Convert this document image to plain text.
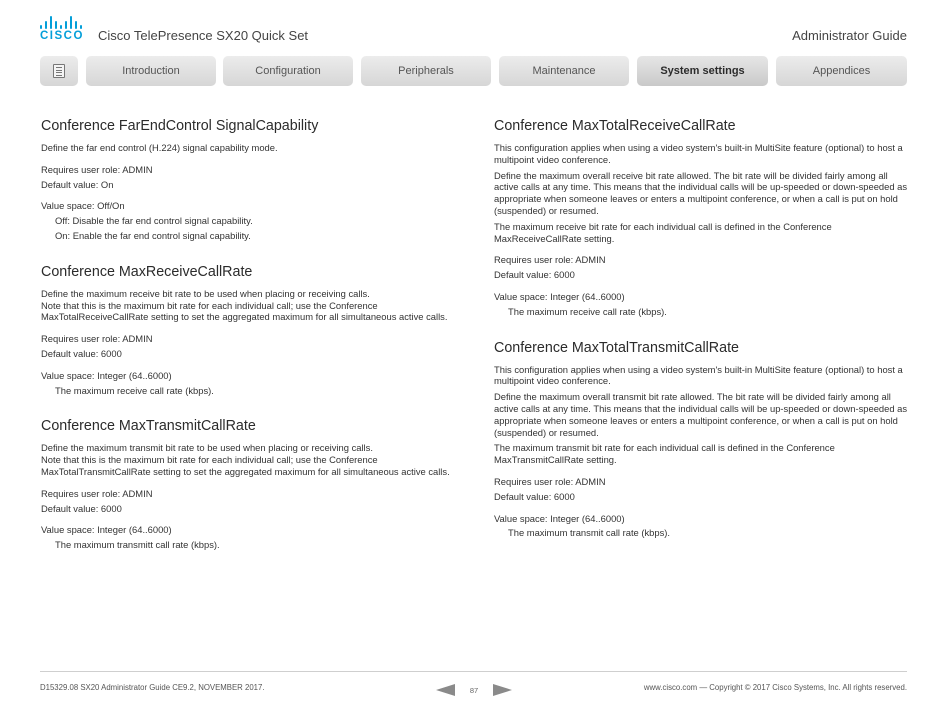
CISCO Cisco TelePresence SX20 Quick Set	Administrator Guide
Introduction	Configuration	Peripherals	Maintenance	System settings	Appendices
Conference FarEndControl SignalCapability

Define the far end control (H.224) signal capability mode.

Requires user role: ADMIN

Default value: On

Value space: Off/On

Off: Disable the far end control signal capability.

On: Enable the far end control signal capability.

Conference MaxReceiveCallRate

Define the maximum receive bit rate to be used when placing or receiving calls.

Note that this is the maximum bit rate for each individual call; use the Conference MaxTotalReceiveCallRate setting to set the aggregated maximum for all simultaneous active calls.

Requires user role: ADMIN

Default value: 6000

Value space: Integer (64..6000)

The maximum receive call rate (kbps).

Conference MaxTransmitCallRate

Define the maximum transmit bit rate to be used when placing or receiving calls.

Note that this is the maximum bit rate for each individual call; use the Conference MaxTotalTransmitCallRate setting to set the aggregated maximum for all simultaneous active calls.

Requires user role: ADMIN

Default value: 6000

Value space: Integer (64..6000)

The maximum transmitt call rate (kbps).

Conference MaxTotalReceiveCallRate

This configuration applies when using a video system's built-in MultiSite feature (optional) to host a multipoint video conference.

Define the maximum overall receive bit rate allowed. The bit rate will be divided fairly among all active calls at any time. This means that the individual calls will be up-speeded or down-speeded as appropriate when someone leaves or enters a multipoint conference, or when a call is put on hold (suspended) or resumed.

The maximum receive bit rate for each individual call is defined in the Conference MaxReceiveCallRate setting.

Requires user role: ADMIN

Default value: 6000

Value space: Integer (64..6000)

The maximum receive call rate (kbps).

Conference MaxTotalTransmitCallRate

This configuration applies when using a video system's built-in MultiSite feature (optional) to host a multipoint video conference.

Define the maximum overall transmit bit rate allowed. The bit rate will be divided fairly among all active calls at any time. This means that the individual calls will be up-speeded or down-speeded as appropriate when someone leaves or enters a multipoint conference, or when a call is put on hold (suspended) or resumed.

The maximum transmit bit rate for each individual call is defined in the Conference MaxTransmitCallRate setting.

Requires user role: ADMIN

Default value: 6000

Value space: Integer (64..6000)

The maximum transmit call rate (kbps).

D15329.08 SX20 Administrator Guide CE9.2, NOVEMBER 2017.	87	www.cisco.com — Copyright © 2017 Cisco Systems, Inc. All rights reserved.
